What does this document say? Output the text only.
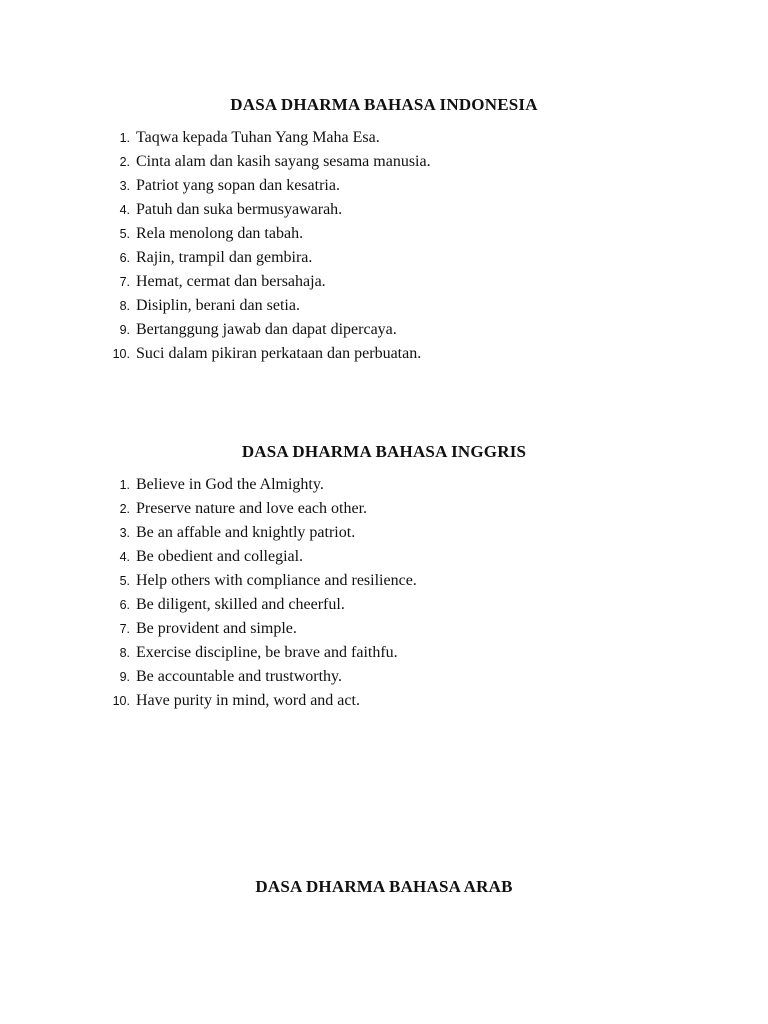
DASA DHARMA BAHASA INDONESIA
1. Taqwa kepada Tuhan Yang Maha Esa.
2. Cinta alam dan kasih sayang sesama manusia.
3. Patriot yang sopan dan kesatria.
4. Patuh dan suka bermusyawarah.
5. Rela menolong dan tabah.
6. Rajin, trampil dan gembira.
7. Hemat, cermat dan bersahaja.
8. Disiplin, berani dan setia.
9. Bertanggung jawab dan dapat dipercaya.
10. Suci dalam pikiran perkataan dan perbuatan.
DASA DHARMA BAHASA INGGRIS
1. Believe in God the Almighty.
2. Preserve nature and love each other.
3. Be an affable and knightly patriot.
4. Be obedient and collegial.
5. Help others with compliance and resilience.
6. Be diligent, skilled and cheerful.
7. Be provident and simple.
8. Exercise discipline, be brave and faithfu.
9. Be accountable and trustworthy.
10. Have purity in mind, word and act.
DASA DHARMA BAHASA ARAB
